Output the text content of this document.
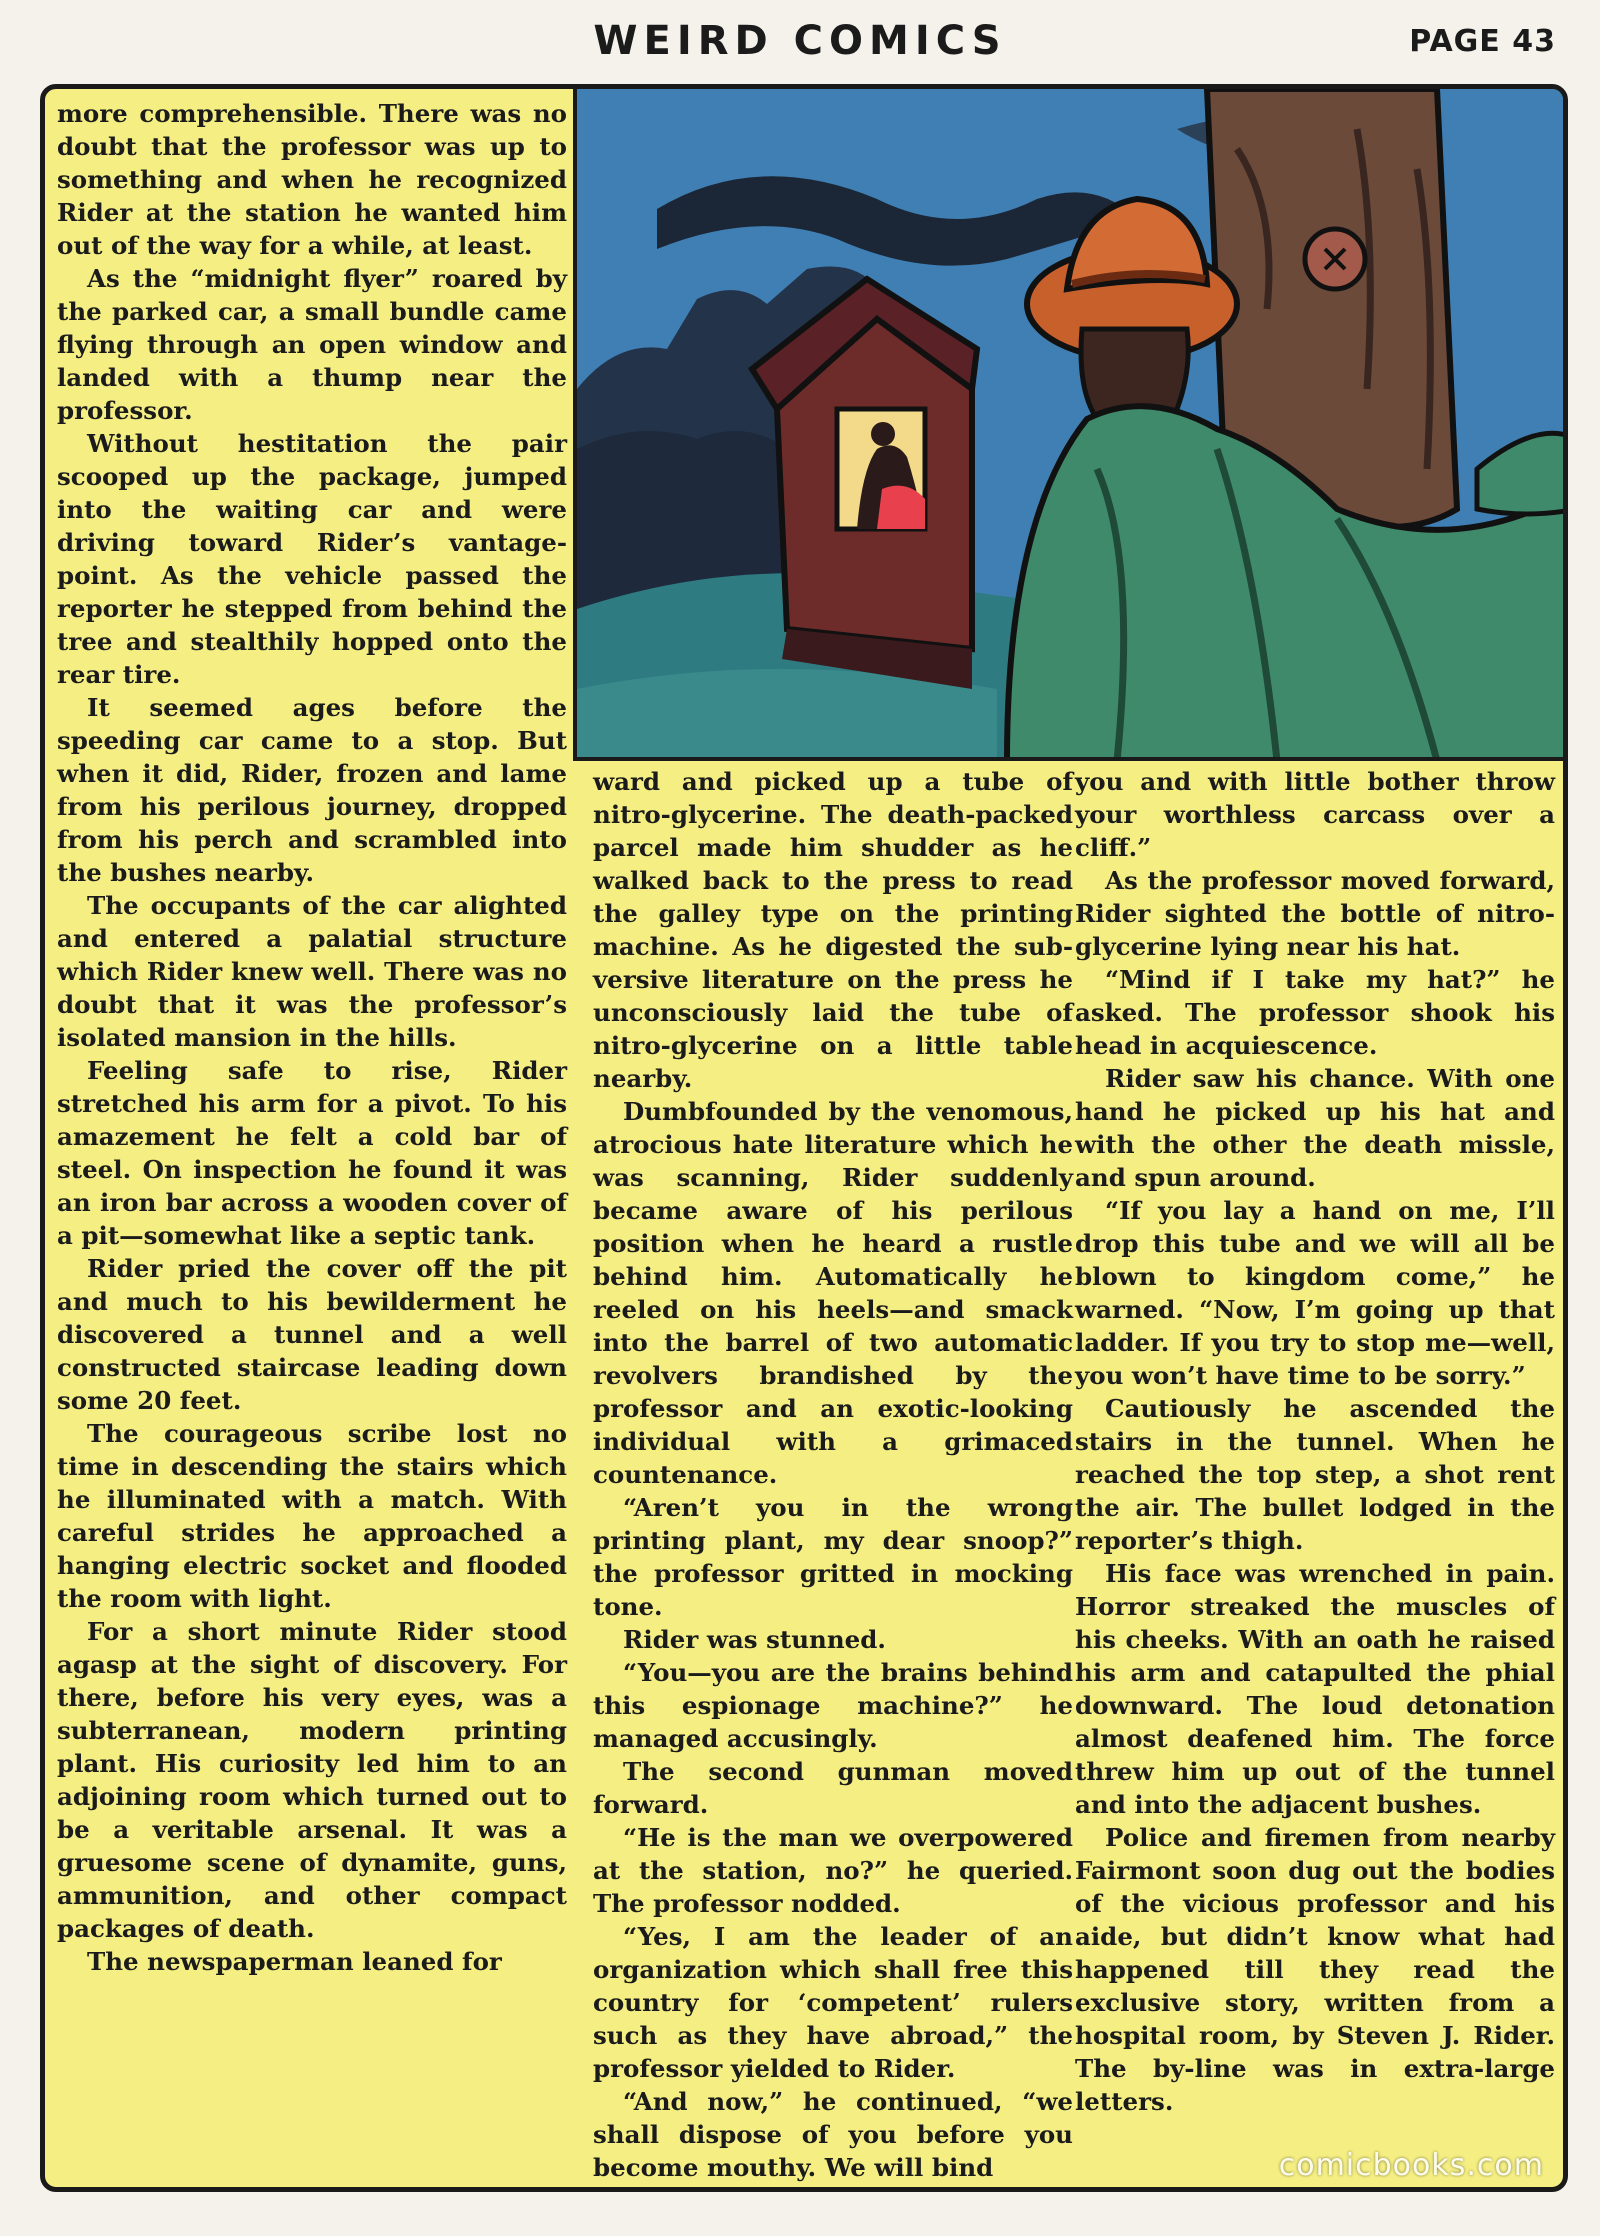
WEIRD COMICS	PAGE 43

more comprehensible. There was no doubt that the professor was up to something and when he recognized Rider at the station he wanted him out of the way for a while, at least.

As the “midnight flyer” roared by the parked car, a small bundle came flying through an open window and landed with a thump near the professor.

Without hestitation the pair scooped up the package, jumped into the waiting car and were driving toward Rider’s vantage-point. As the vehicle passed the reporter he stepped from behind the tree and stealthily hopped onto the rear tire.

It seemed ages before the speeding car came to a stop. But when it did, Rider, frozen and lame from his perilous journey, dropped from his perch and scrambled into the bushes nearby.

The occupants of the car alighted and entered a palatial structure which Rider knew well. There was no doubt that it was the professor’s isolated mansion in the hills.

Feeling safe to rise, Rider stretched his arm for a pivot. To his amazement he felt a cold bar of steel. On inspection he found it was an iron bar across a wooden cover of a pit—somewhat like a septic tank.

Rider pried the cover off the pit and much to his bewilderment he discovered a tunnel and a well constructed staircase leading down some 20 feet.

The courageous scribe lost no time in descending the stairs which he illuminated with a match. With careful strides he approached a hanging electric socket and flooded the room with light.

For a short minute Rider stood agasp at the sight of discovery. For there, before his very eyes, was a subterranean, modern printing plant. His curiosity led him to an adjoining room which turned out to be a veritable arsenal. It was a gruesome scene of dynamite, guns, ammunition, and other compact packages of death.

The newspaperman leaned for

ward and picked up a tube of nitro-glycerine. The death-packed parcel made him shudder as he walked back to the press to read the galley type on the printing machine. As he digested the subversive literature on the press he unconsciously laid the tube of nitro-glycerine on a little table nearby.

Dumbfounded by the venomous, atrocious hate literature which he was scanning, Rider suddenly became aware of his perilous position when he heard a rustle behind him. Automatically he reeled on his heels—and smack into the barrel of two automatic revolvers brandished by the professor and an exotic-looking individual with a grimaced countenance.

“Aren’t you in the wrong printing plant, my dear snoop?” the professor gritted in mocking tone.

Rider was stunned.

“You—you are the brains behind this espionage machine?” he managed accusingly.

The second gunman moved forward.

“He is the man we overpowered at the station, no?” he queried. The professor nodded.

“Yes, I am the leader of an organization which shall free this country for ‘competent’ rulers such as they have abroad,” the professor yielded to Rider.

“And now,” he continued, “we shall dispose of you before you become mouthy. We will bind

you and with little bother throw your worthless carcass over a cliff.”

As the professor moved forward, Rider sighted the bottle of nitro-glycerine lying near his hat.

“Mind if I take my hat?” he asked. The professor shook his head in acquiescence.

Rider saw his chance. With one hand he picked up his hat and with the other the death missle, and spun around.

“If you lay a hand on me, I’ll drop this tube and we will all be blown to kingdom come,” he warned. “Now, I’m going up that ladder. If you try to stop me—well, you won’t have time to be sorry.”

Cautiously he ascended the stairs in the tunnel. When he reached the top step, a shot rent the air. The bullet lodged in the reporter’s thigh.

His face was wrenched in pain. Horror streaked the muscles of his cheeks. With an oath he raised his arm and catapulted the phial downward. The loud detonation almost deafened him. The force threw him up out of the tunnel and into the adjacent bushes.

Police and firemen from nearby Fairmont soon dug out the bodies of the vicious professor and his aide, but didn’t know what had happened till they read the exclusive story, written from a hospital room, by Steven J. Rider. The by-line was in extra-large letters.

comicbooks.com
